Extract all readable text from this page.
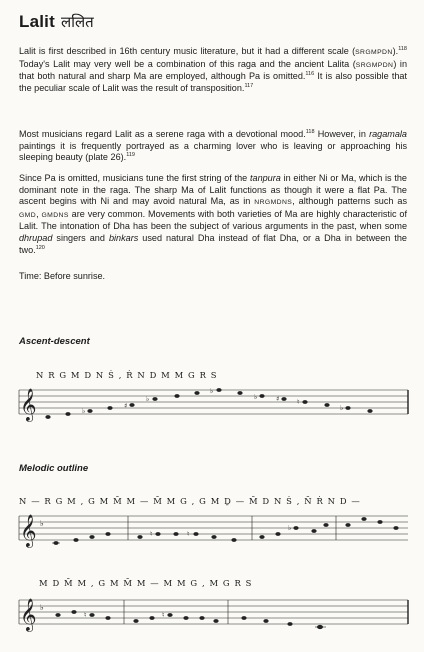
Lalit ललित
Lalit is first described in 16th century music literature, but it had a different scale (SRGMPDN).$^{118}$ Today's Lalit may very well be a combination of this raga and the ancient Lalita (SRGMPDN) in that both natural and sharp Ma are employed, although Pa is omitted.$^{116}$ It is also possible that the peculiar scale of Lalit was the result of transposition.$^{117}$
Most musicians regard Lalit as a serene raga with a devotional mood.$^{118}$ However, in ragamala paintings it is frequently portrayed as a charming lover who is leaving or approaching his sleeping beauty (plate 26).$^{119}$
Since Pa is omitted, musicians tune the first string of the tanpura in either Ni or Ma, which is the dominant note in the raga. The sharp Ma of Lalit functions as though it were a flat Pa. The ascent begins with Ni and may avoid natural Ma, as in NRGMDNS, although patterns such as GMD, GMDNS are very common. Movements with both varieties of Ma are highly characteristic of Lalit. The intonation of Dha has been the subject of various arguments in the past, when some dhrupad singers and binkars used natural Dha instead of flat Dha, or a Dha in between the two.$^{120}$
Time: Before sunrise.
Ascent-descent
N R G M D N Ṡ , Ṙ N D M M G R S
𝄞	♭
♯
♭
♭
♭	♯	♮
♭
Melodic outline
N — R G M , G M M̄ M — M̄ M G , G M Ḏ — M̄ D N Ṡ , N̄ Ṙ N D —
𝄞 ♭
♮	♮
♭
M D M̄ M , G M M̄ M — M M G , M G R S
𝄞 ♭
♮	♮
